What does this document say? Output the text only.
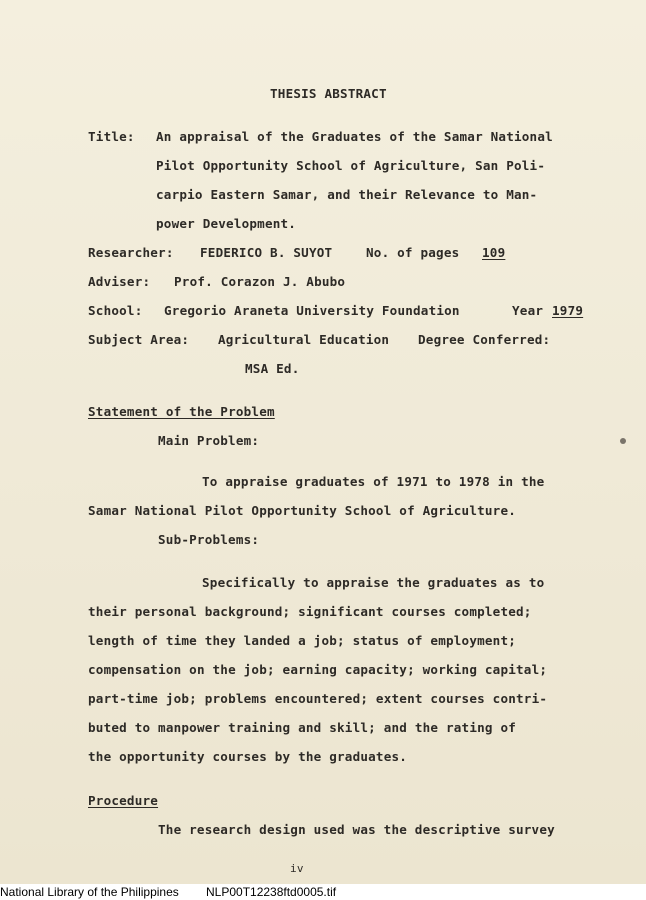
THESIS ABSTRACT
Title: An appraisal of the Graduates of the Samar National
Pilot Opportunity School of Agriculture, San Poli-
carpio Eastern Samar, and their Relevance to Man-
power Development.
Researcher: FEDERICO B. SUYOT	No. of pages 109
Adviser: Prof. Corazon J. Abubo
School: Gregorio Araneta University Foundation	Year 1979
Subject Area: Agricultural Education Degree Conferred:
MSA Ed.
Statement of the Problem
Main Problem:
To appraise graduates of 1971 to 1978 in the
Samar National Pilot Opportunity School of Agriculture.
Sub-Problems:
Specifically to appraise the graduates as to
their personal background; significant courses completed;
length of time they landed a job; status of employment;
compensation on the job; earning capacity; working capital;
part-time job; problems encountered; extent courses contri-
buted to manpower training and skill; and the rating of
the opportunity courses by the graduates.
Procedure
The research design used was the descriptive survey
iv
National Library of the Philippines NLP00T12238ftd0005.tif
